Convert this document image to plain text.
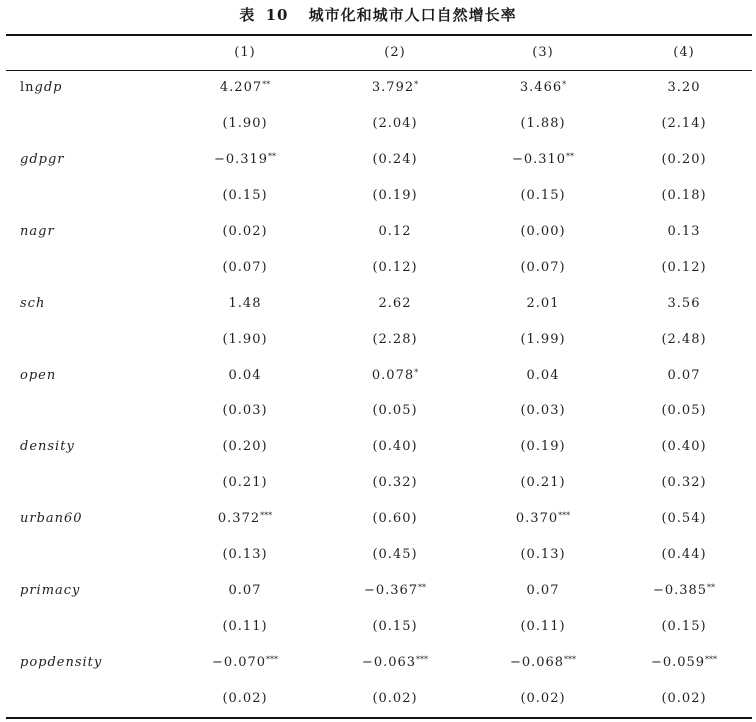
表 10 城市化和城市人口自然增长率
	(1)	(2)	(3)	(4)
lngdp	4.207**	3.792*	3.466*	3.20
	(1.90)	(2.04)	(1.88)	(2.14)
gdpgr	−0.319**	(0.24)	−0.310**	(0.20)
	(0.15)	(0.19)	(0.15)	(0.18)
nagr	(0.02)	0.12	(0.00)	0.13
	(0.07)	(0.12)	(0.07)	(0.12)
sch	1.48	2.62	2.01	3.56
	(1.90)	(2.28)	(1.99)	(2.48)
open	0.04	0.078*	0.04	0.07
	(0.03)	(0.05)	(0.03)	(0.05)
density	(0.20)	(0.40)	(0.19)	(0.40)
	(0.21)	(0.32)	(0.21)	(0.32)
urban60	0.372***	(0.60)	0.370***	(0.54)
	(0.13)	(0.45)	(0.13)	(0.44)
primacy	0.07	−0.367**	0.07	−0.385**
	(0.11)	(0.15)	(0.11)	(0.15)
popdensity	−0.070***	−0.063***	−0.068***	−0.059***
	(0.02)	(0.02)	(0.02)	(0.02)
